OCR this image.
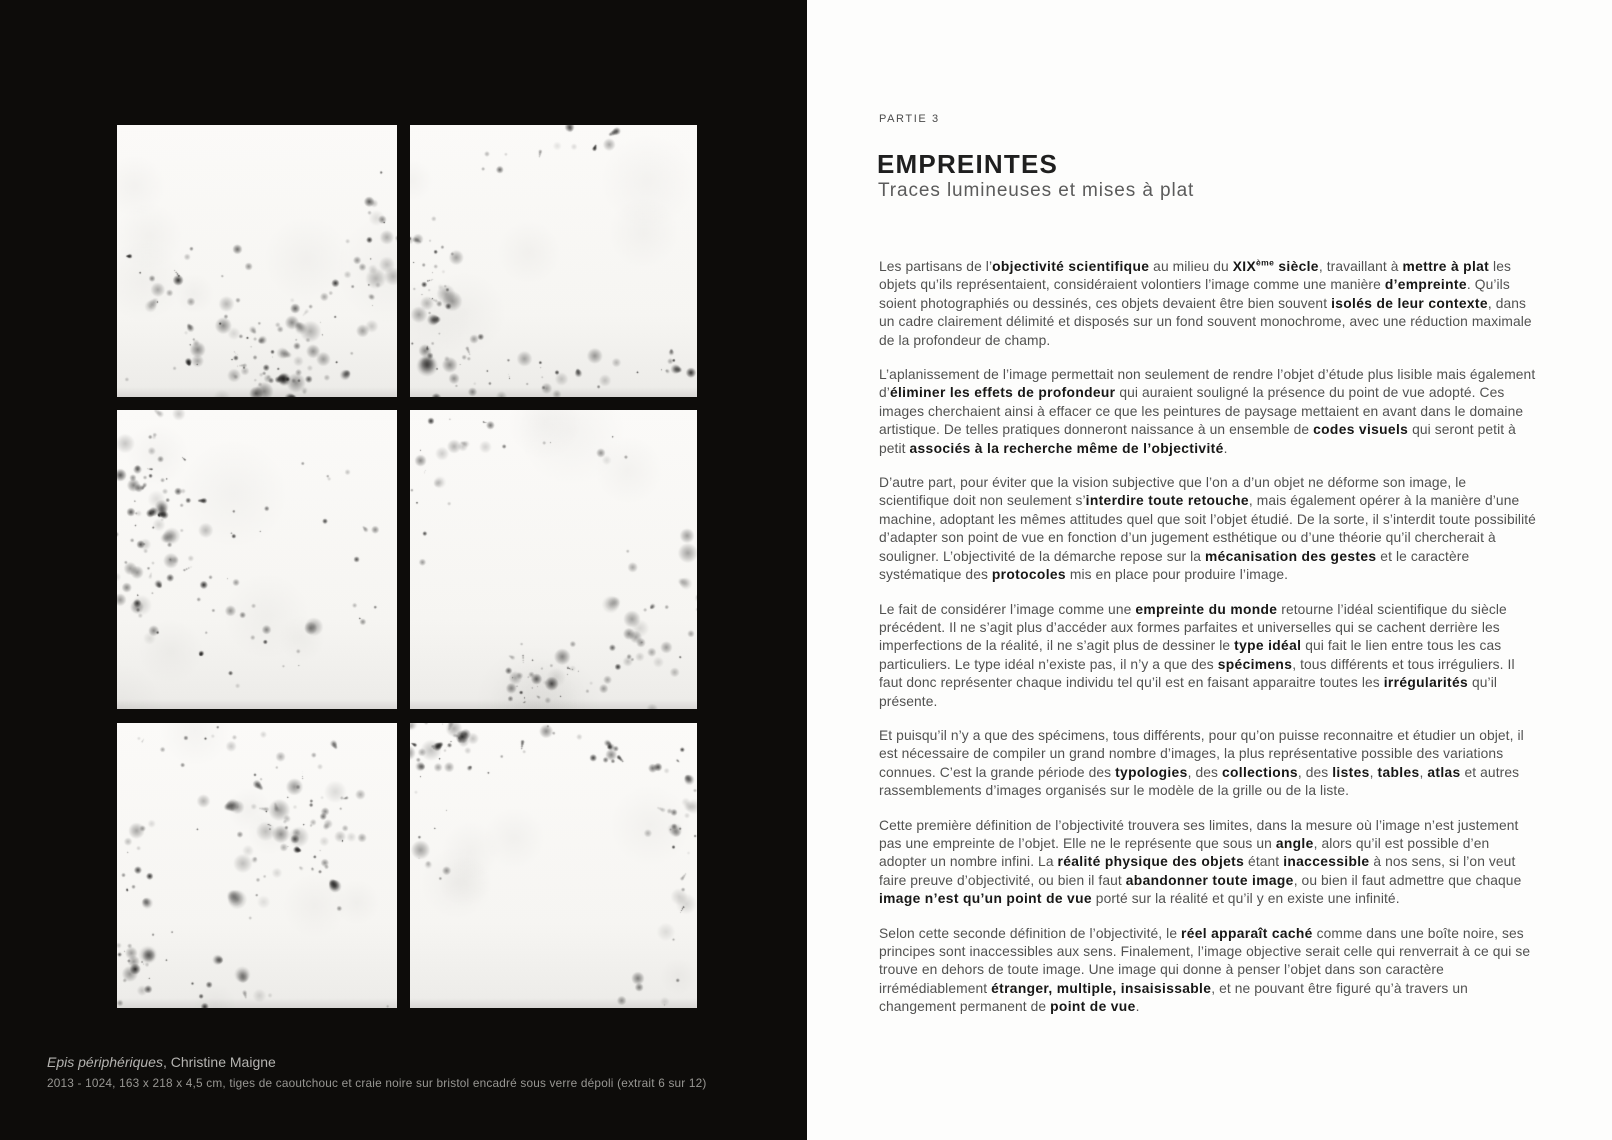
Epis périphériques, Christine Maigne
2013 - 1024, 163 x 218 x 4,5 cm, tiges de caoutchouc et craie noire sur bristol encadré sous verre dépoli (extrait 6 sur 12)
PARTIE 3
EMPREINTES
Traces lumineuses et mises à plat

Les partisans de l’objectivité scientifique au milieu du XIXème siècle, travaillant à mettre à plat les objets qu’ils représentaient, considéraient volontiers l’image comme une manière d’empreinte. Qu’ils soient photographiés ou dessinés, ces objets devaient être bien souvent isolés de leur contexte, dans un cadre clairement délimité et disposés sur un fond souvent monochrome, avec une réduction maximale de la profondeur de champ.

L’aplanissement de l’image permettait non seulement de rendre l’objet d’étude plus lisible mais également d’éliminer les effets de profondeur qui auraient souligné la présence du point de vue adopté. Ces images cherchaient ainsi à effacer ce que les peintures de paysage mettaient en avant dans le domaine artistique. De telles pratiques donneront naissance à un ensemble de codes visuels qui seront petit à petit associés à la recherche même de l’objectivité.

D’autre part, pour éviter que la vision subjective que l’on a d’un objet ne déforme son image, le scientifique doit non seulement s’interdire toute retouche, mais également opérer à la manière d’une machine, adoptant les mêmes attitudes quel que soit l’objet étudié. De la sorte, il s’interdit toute possibilité d’adapter son point de vue en fonction d’un jugement esthétique ou d’une théorie qu’il chercherait à souligner. L’objectivité de la démarche repose sur la mécanisation des gestes et le caractère systématique des protocoles mis en place pour produire l’image.

Le fait de considérer l’image comme une empreinte du monde retourne l’idéal scientifique du siècle précédent. Il ne s’agit plus d’accéder aux formes parfaites et universelles qui se cachent derrière les imperfections de la réalité, il ne s’agit plus de dessiner le type idéal qui fait le lien entre tous les cas particuliers. Le type idéal n’existe pas, il n’y a que des spécimens, tous différents et tous irréguliers. Il faut donc représenter chaque individu tel qu’il est en faisant apparaitre toutes les irrégularités qu’il présente.

Et puisqu’il n’y a que des spécimens, tous différents, pour qu’on puisse reconnaitre et étudier un objet, il est nécessaire de compiler un grand nombre d’images, la plus représentative possible des variations connues. C’est la grande période des typologies, des collections, des listes, tables, atlas et autres rassemblements d’images organisés sur le modèle de la grille ou de la liste.

Cette première définition de l’objectivité trouvera ses limites, dans la mesure où l’image n’est justement pas une empreinte de l’objet. Elle ne le représente que sous un angle, alors qu’il est possible d’en adopter un nombre infini. La réalité physique des objets étant inaccessible à nos sens, si l’on veut faire preuve d’objectivité, ou bien il faut abandonner toute image, ou bien il faut admettre que chaque image n’est qu’un point de vue porté sur la réalité et qu’il y en existe une infinité.

Selon cette seconde définition de l’objectivité, le réel apparaît caché comme dans une boîte noire, ses principes sont inaccessibles aux sens. Finalement, l’image objective serait celle qui renverrait à ce qui se trouve en dehors de toute image. Une image qui donne à penser l’objet dans son caractère irrémédiablement étranger, multiple, insaisissable, et ne pouvant être figuré qu’à travers un changement permanent de point de vue.
